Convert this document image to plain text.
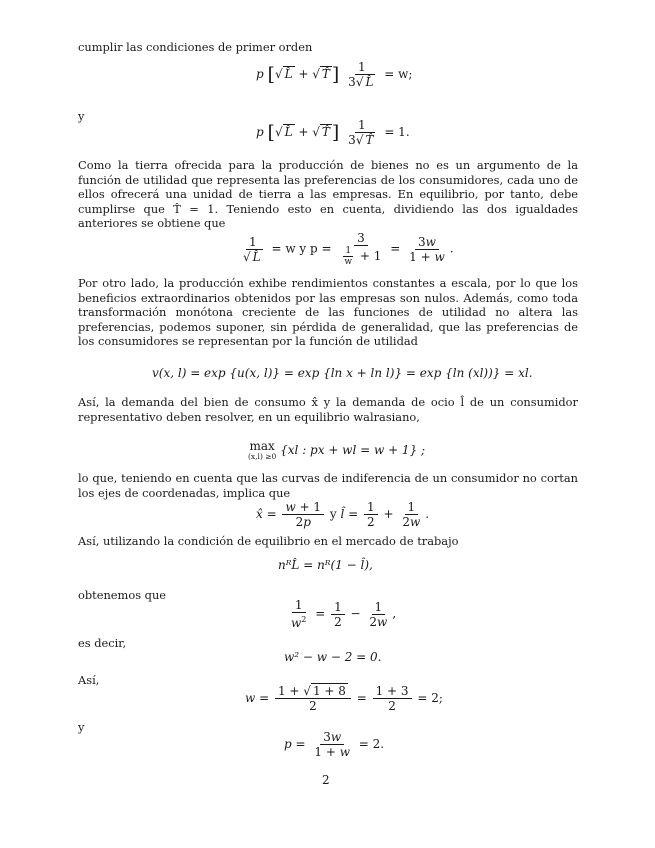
cumplir las condiciones de primer orden
p [√ L̂ + √ T̂ ] $\frac{1}{3√ L̂} = w$;
y
p [√ L̂ + √ T̂ ] $\frac{1}{3√ T̂} = 1$.
Como la tierra ofrecida para la producción de bienes no es un argumento de la función de utilidad que representa las preferencias de los consumidores, cada uno de ellos ofrecerá una unidad de tierra a las empresas. En equilibrio, por tanto, debe cumplirse que T̂ = 1. Teniendo esto en cuenta, dividiendo las dos igualdades anteriores se obtiene que
$\frac{1}{√ L̂} = w$ y $p = \frac{3}{\frac{1}{w} + 1} = \frac{3w}{1 + w}$ .
Por otro lado, la producción exhibe rendimientos constantes a escala, por lo que los beneficios extraordinarios obtenidos por las empresas son nulos. Además, como toda transformación monótona creciente de las funciones de utilidad no altera las preferencias, podemos suponer, sin pérdida de generalidad, que las preferencias de los consumidores se representan por la función de utilidad
v(x, l) = exp {u(x, l)} = exp {ln x + ln l)} = exp {ln (xl))} = xl.
Así, la demanda del bien de consumo x̂ y la demanda de ocio l̂ de un consumidor representativo deben resolver, en un equilibrio walrasiano,
max
(x,l) ≥0 {xl : px + wl = w + 1} ;
lo que, teniendo en cuenta que las curvas de indiferencia de un consumidor no cortan los ejes de coordenadas, implica que
x̂ = $\frac{w + 1}{2p}$ y l̂ = $\frac{1}{2} + \frac{1}{2w}$ .
Así, utilizando la condición de equilibrio en el mercado de trabajo
nᴿL̂ = nᴿ(1 − l̂),
obtenemos que
$\frac{1}{w^2} = \frac{1}{2} - \frac{1}{2w}$ ,
es decir,
w² − w − 2 = 0.
Así,
$w = \frac{1 + √ 1 + 8}{2} = \frac{1 + 3}{2} = 2$;
y
$p = \frac{3w}{1 + w} = 2$.
2
